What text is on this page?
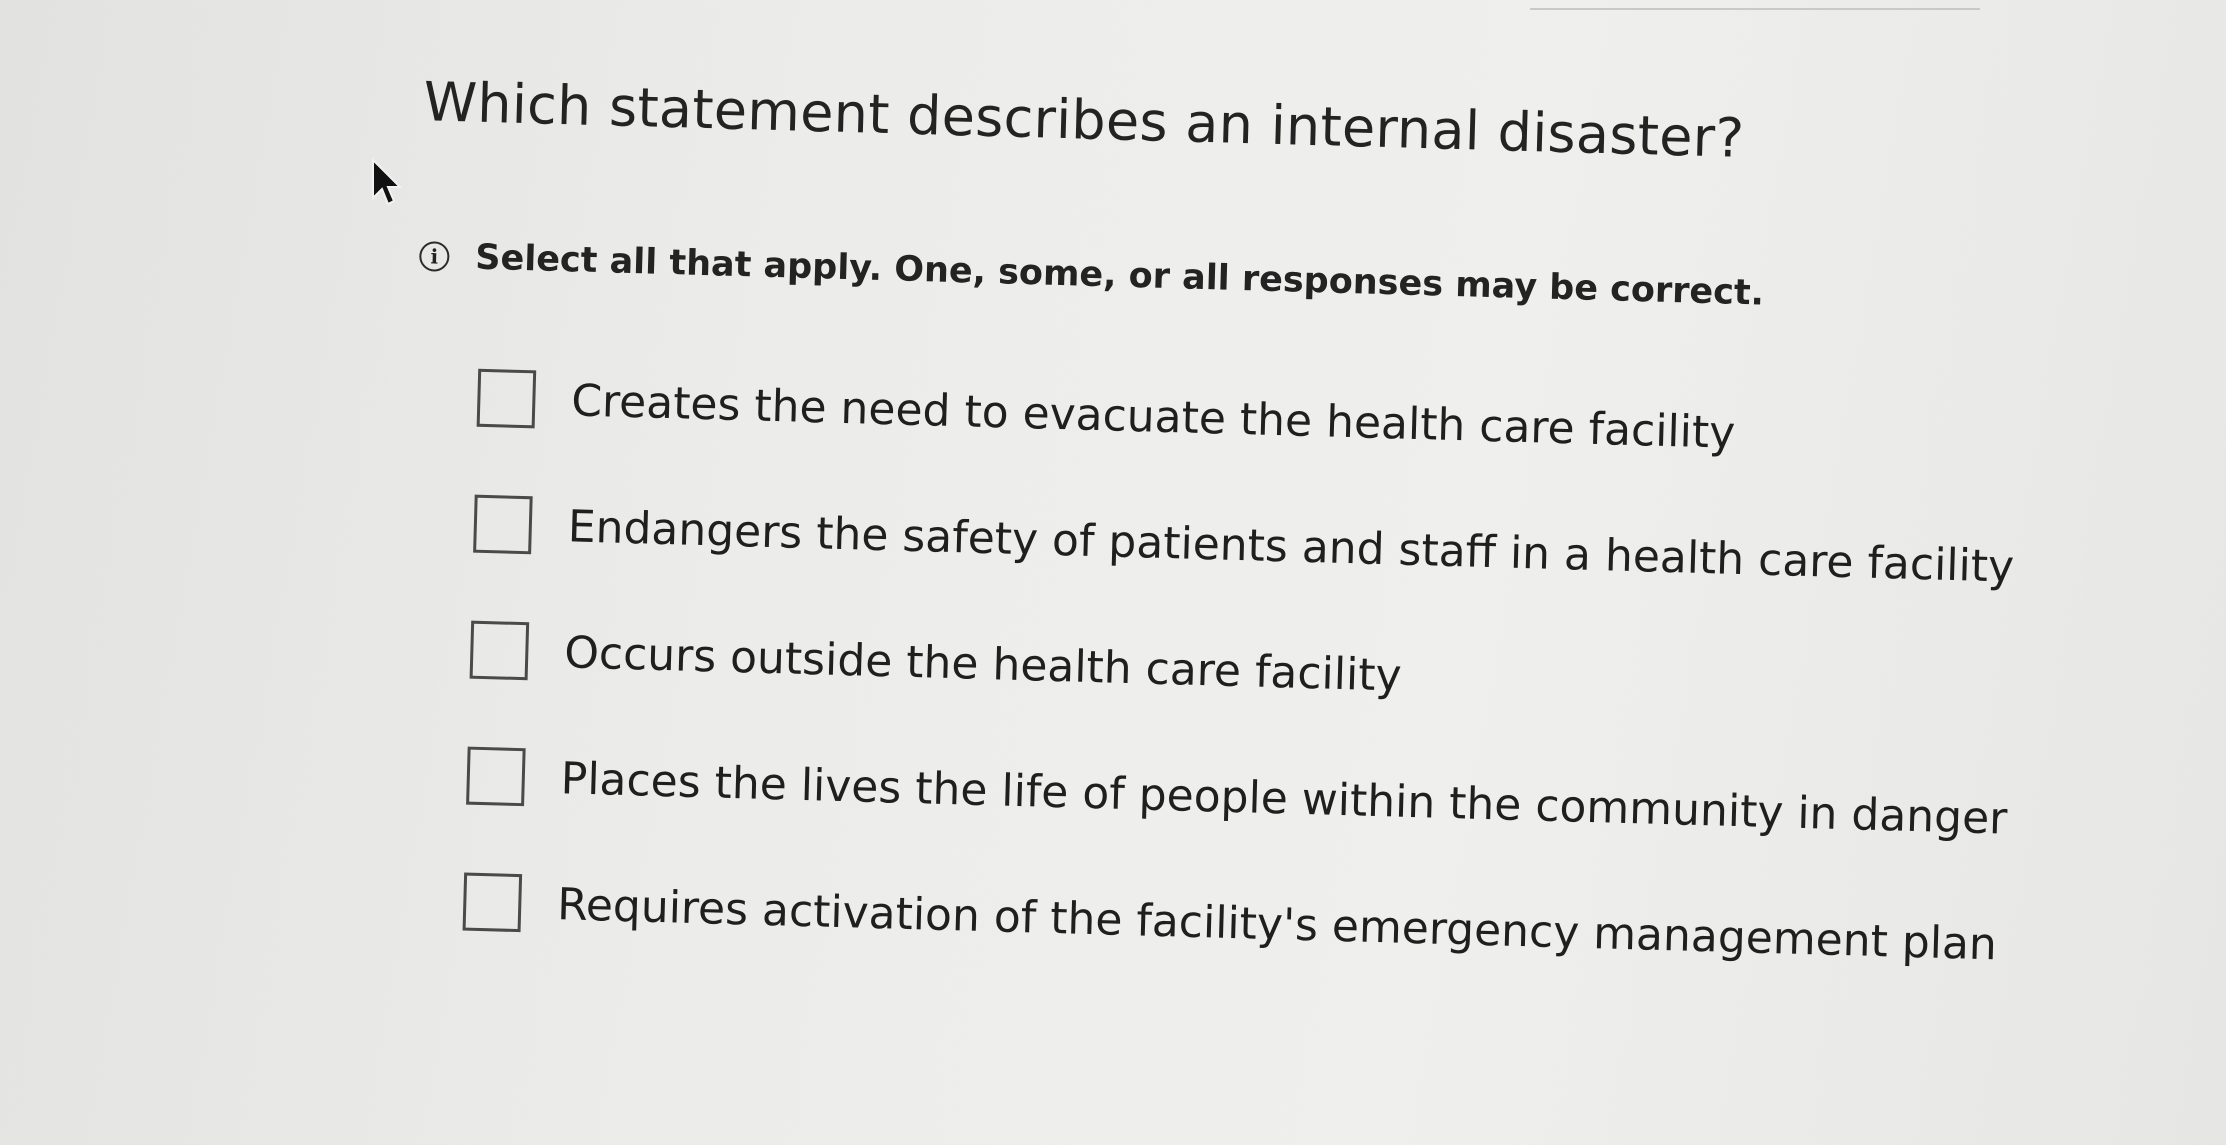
Which statement describes an internal disaster?
i	Select all that apply. One, some, or all responses may be correct.
Creates the need to evacuate the health care facility
Endangers the safety of patients and staff in a health care facility
Occurs outside the health care facility
Places the lives the life of people within the community in danger
Requires activation of the facility's emergency management plan
